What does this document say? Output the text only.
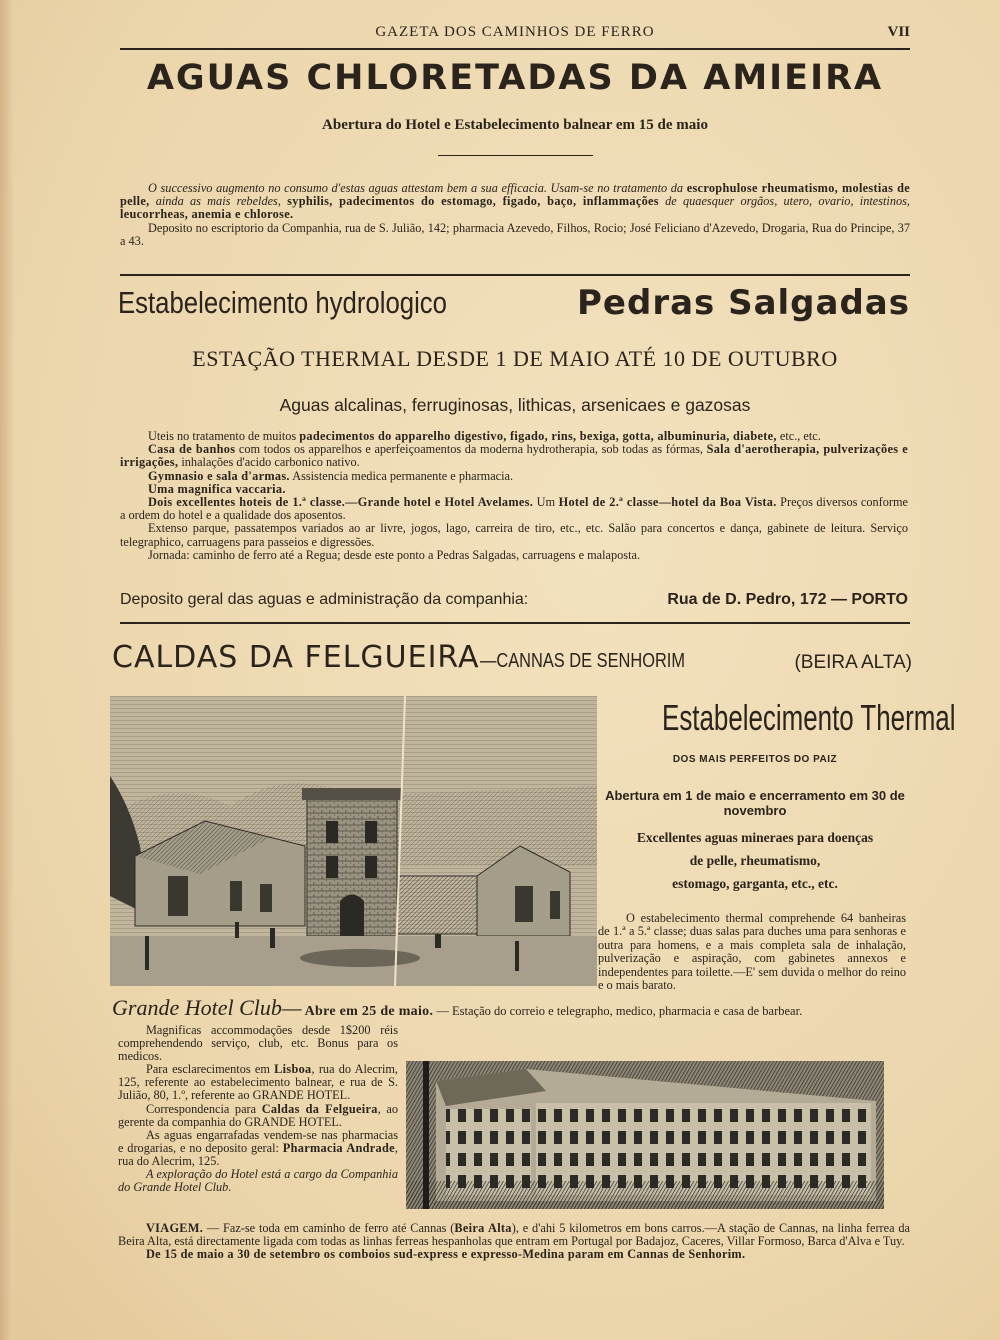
GAZETA DOS CAMINHOS DE FERRO	VII
AGUAS CHLORETADAS DA AMIEIRA
Abertura do Hotel e Estabelecimento balnear em 15 de maio

O successivo augmento no consumo d'estas aguas attestam bem a sua efficacia. Usam-se no tratamento da escrophulose rheumatismo, molestias de pelle, ainda as mais rebeldes, syphilis, padecimentos do estomago, figado, baço, inflammações de quaesquer orgãos, utero, ovario, intestinos, leucorrheas, anemia e chlorose.

Deposito no escriptorio da Companhia, rua de S. Julião, 142; pharmacia Azevedo, Filhos, Rocio; José Feliciano d'Azevedo, Drogaria, Rua do Principe, 37 a 43.

Estabelecimento hydrologico	Pedras Salgadas
ESTAÇÃO THERMAL DESDE 1 DE MAIO ATÉ 10 DE OUTUBRO
Aguas alcalinas, ferruginosas, lithicas, arsenicaes e gazosas

Uteis no tratamento de muitos padecimentos do apparelho digestivo, figado, rins, bexiga, gotta, albuminuria, diabete, etc., etc.

Casa de banhos com todos os apparelhos e aperfeiçoamentos da moderna hydrotherapia, sob todas as fórmas, Sala d'aerotherapia, pulverizações e irrigações, inhalações d'acido carbonico nativo.

Gymnasio e sala d'armas. Assistencia medica permanente e pharmacia.

Uma magnifica vaccaria.

Dois excellentes hoteis de 1.ª classe.—Grande hotel e Hotel Avelames. Um Hotel de 2.ª classe—hotel da Boa Vista. Preços diversos conforme a ordem do hotel e a qualidade dos aposentos.

Extenso parque, passatempos variados ao ar livre, jogos, lago, carreira de tiro, etc., etc. Salão para concertos e dança, gabinete de leitura. Serviço telegraphico, carruagens para passeios e digressões.

Jornada: caminho de ferro até a Regua; desde este ponto a Pedras Salgadas, carruagens e malaposta.

Deposito geral das aguas e administração da companhia:	Rua de D. Pedro, 172 — PORTO
CALDAS DA FELGUEIRA—CANNAS DE SENHORIM	(BEIRA ALTA)
Estabelecimento Thermal
DOS MAIS PERFEITOS DO PAIZ
Abertura em 1 de maio e encerramento em 30 de novembro
Excellentes aguas mineraes para doenças
de pelle, rheumatismo,
estomago, garganta, etc., etc.
O estabelecimento thermal comprehende 64 banheiras de 1.ª a 5.ª classe; duas salas para duches uma para senhoras e outra para homens, e a mais completa sala de inhalação, pulverização e aspiração, com gabinetes annexos e independentes para toilette.—E' sem duvida o melhor do reino e o mais barato.
Grande Hotel Club— Abre em 25 de maio. — Estação do correio e telegrapho, medico, pharmacia e casa de barbear.

Magnificas accommodações desde 1$200 réis comprehendendo serviço, club, etc. Bonus para os medicos.

Para esclarecimentos em Lisboa, rua do Alecrim, 125, referente ao estabelecimento balnear, e rua de S. Julião, 80, 1.º, referente ao GRANDE HOTEL.

Correspondencia para Caldas da Felgueira, ao gerente da companhia do GRANDE HOTEL.

As aguas engarrafadas vendem-se nas pharmacias e drogarias, e no deposito geral: Pharmacia Andrade, rua do Alecrim, 125.

A exploração do Hotel está a cargo da Companhia do Grande Hotel Club.

VIAGEM. — Faz-se toda em caminho de ferro até Cannas (Beira Alta), e d'ahi 5 kilometros em bons carros.—A stação de Cannas, na linha ferrea da Beira Alta, está directamente ligada com todas as linhas ferreas hespanholas que entram em Portugal por Badajoz, Caceres, Villar Formoso, Barca d'Alva e Tuy.

De 15 de maio a 30 de setembro os comboios sud-express e expresso-Medina param em Cannas de Senhorim.
